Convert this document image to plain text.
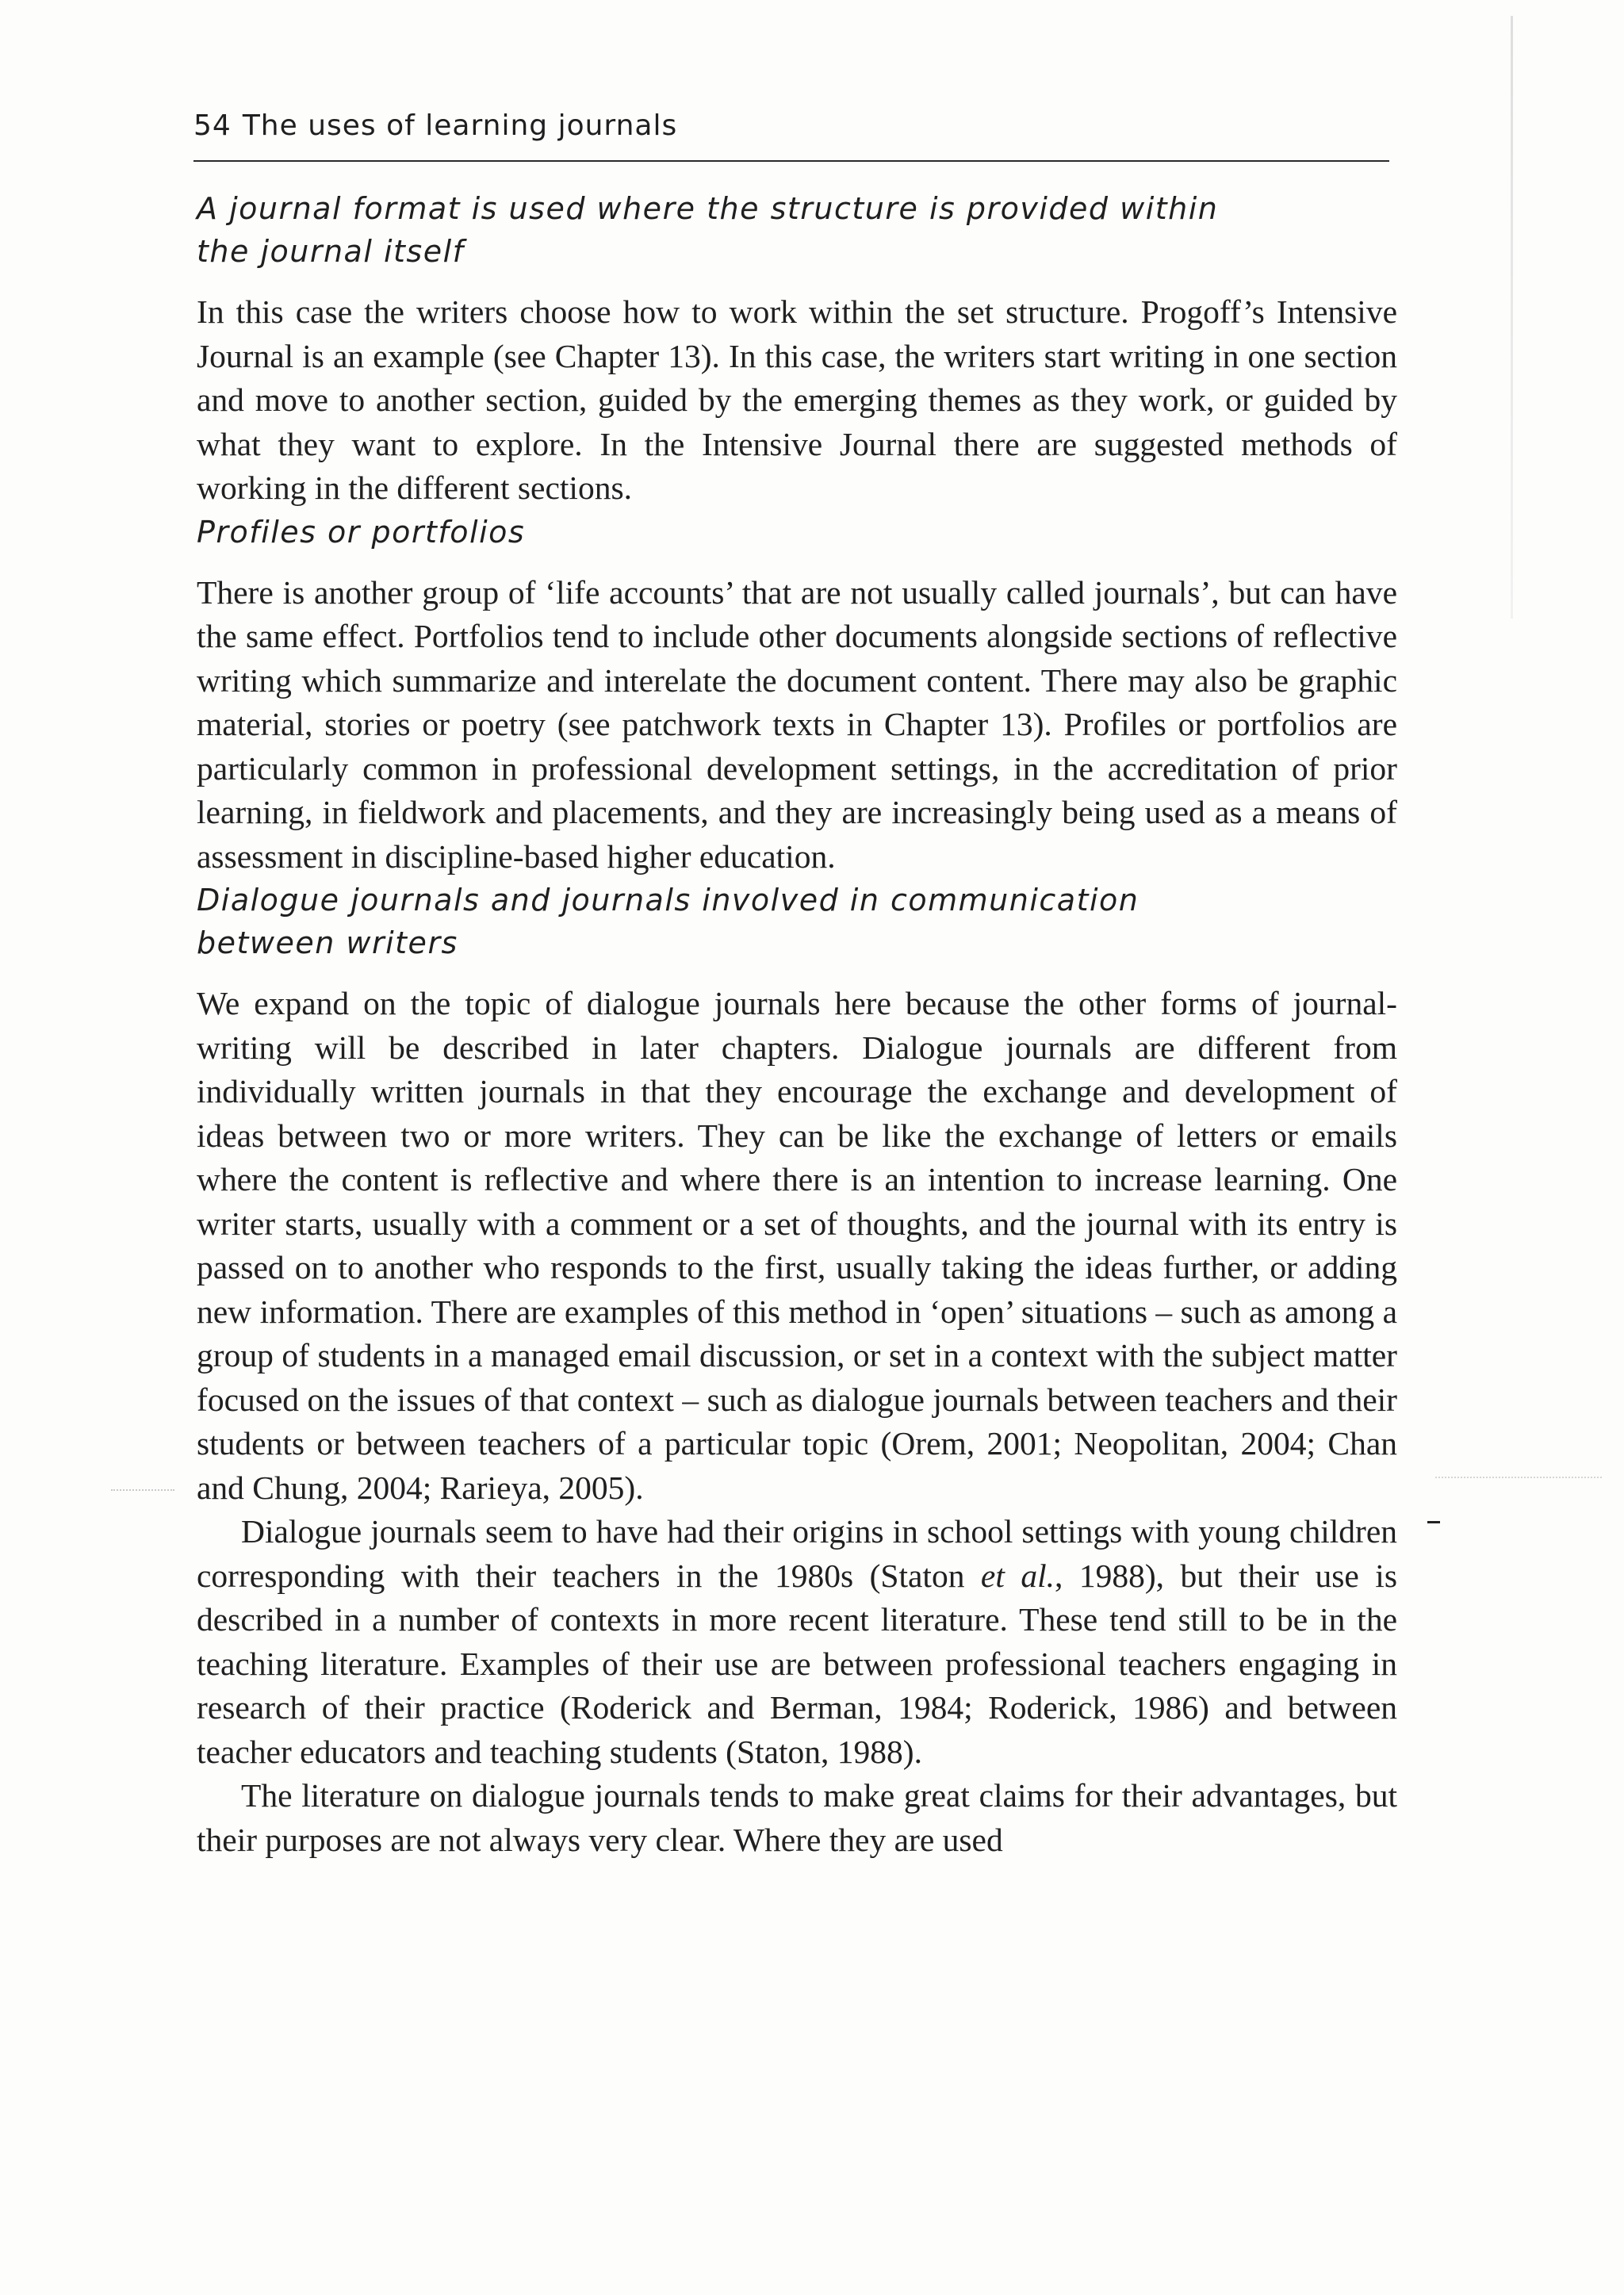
54 The uses of learning journals
A journal format is used where the structure is provided within the journal itself

In this case the writers choose how to work within the set structure. Progoff’s Intensive Journal is an example (see Chapter 13). In this case, the writers start writing in one section and move to another section, guided by the emerging themes as they work, or guided by what they want to explore. In the Intensive Journal there are suggested methods of working in the different sections.

Profiles or portfolios

There is another group of ‘life accounts’ that are not usually called journals’, but can have the same effect. Portfolios tend to include other documents alongside sections of reflective writing which summarize and interelate the document content. There may also be graphic material, stories or poetry (see patchwork texts in Chapter 13). Profiles or portfolios are particularly common in professional development settings, in the accreditation of prior learning, in fieldwork and placements, and they are increasingly being used as a means of assessment in discipline-based higher education.

Dialogue journals and journals involved in communication between writers

We expand on the topic of dialogue journals here because the other forms of journal-writing will be described in later chapters. Dialogue journals are different from individually written journals in that they encourage the exchange and development of ideas between two or more writers. They can be like the exchange of letters or emails where the content is reflective and where there is an intention to increase learning. One writer starts, usually with a comment or a set of thoughts, and the journal with its entry is passed on to another who responds to the first, usually taking the ideas further, or adding new information. There are examples of this method in ‘open’ situations – such as among a group of students in a managed email discussion, or set in a context with the subject matter focused on the issues of that context – such as dialogue journals between teachers and their students or between teachers of a particular topic (Orem, 2001; Neopolitan, 2004; Chan and Chung, 2004; Rarieya, 2005).

Dialogue journals seem to have had their origins in school settings with young children corresponding with their teachers in the 1980s (Staton et al., 1988), but their use is described in a number of contexts in more recent literature. These tend still to be in the teaching literature. Examples of their use are between professional teachers engaging in research of their practice (Roderick and Berman, 1984; Roderick, 1986) and between teacher educators and teaching students (Staton, 1988).

The literature on dialogue journals tends to make great claims for their advantages, but their purposes are not always very clear. Where they are used
